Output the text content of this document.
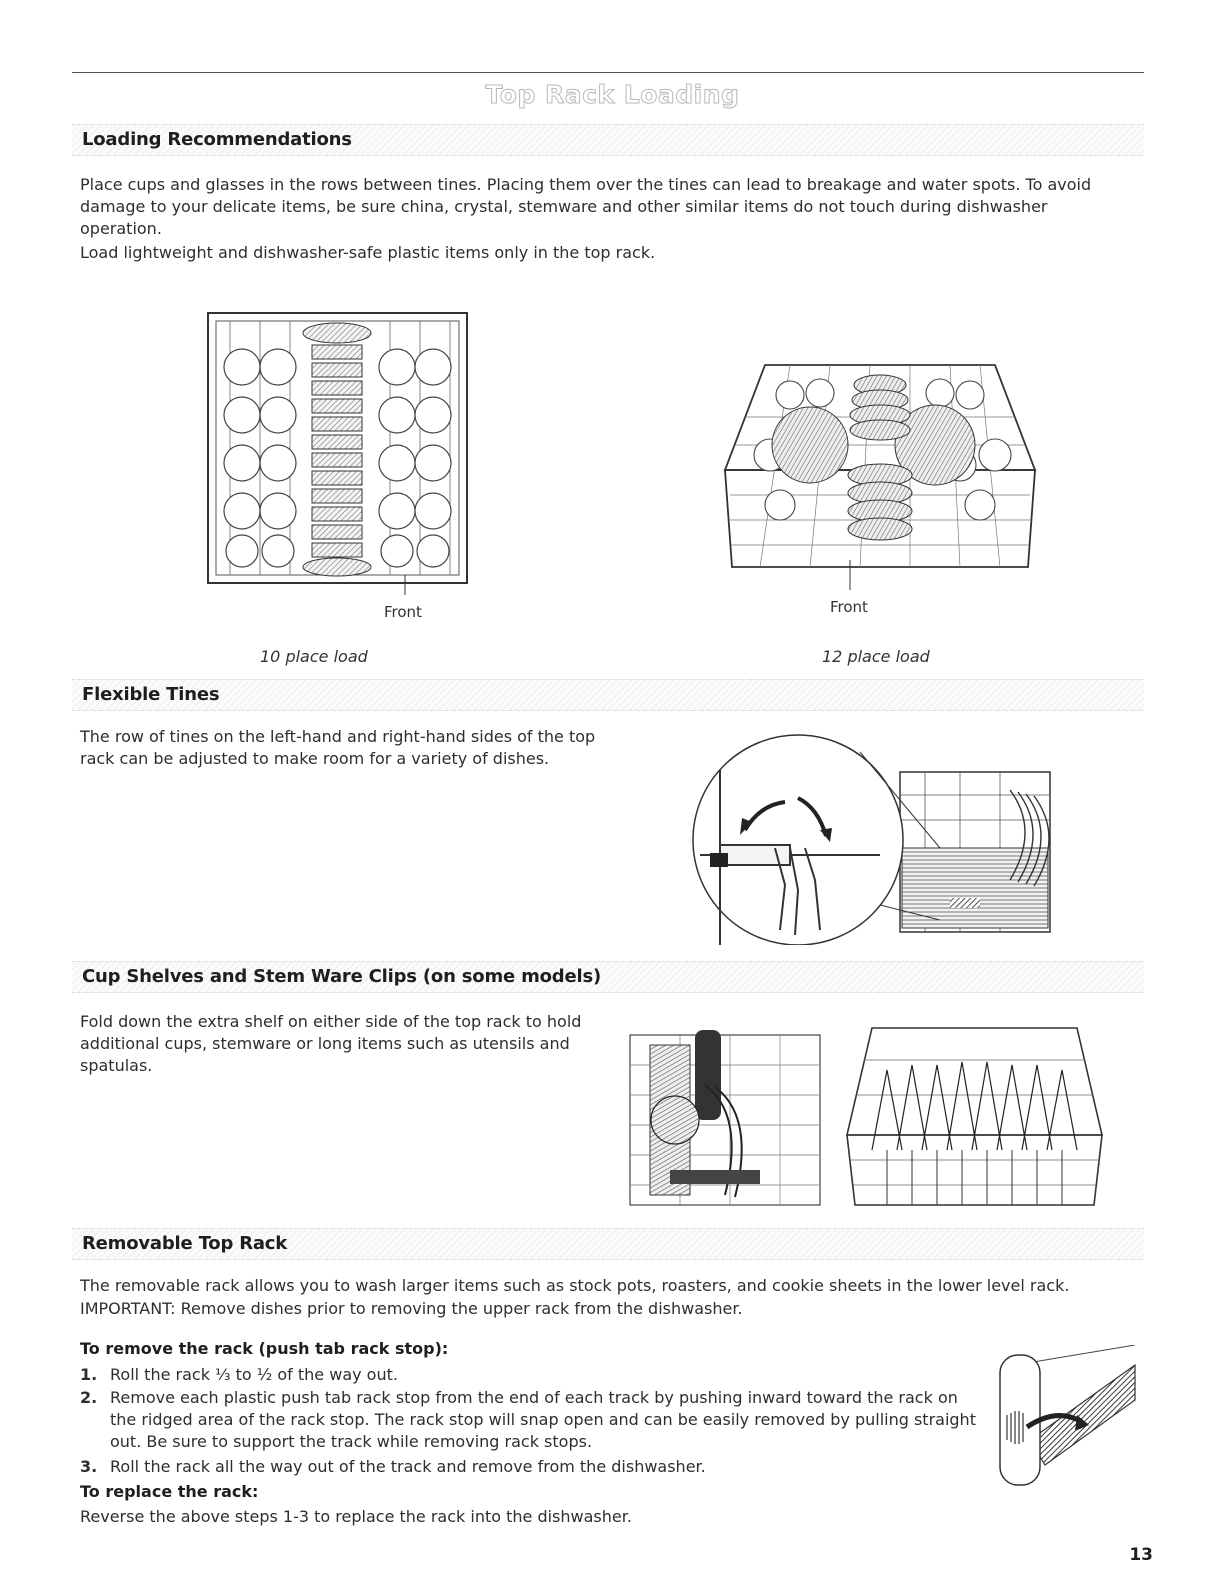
Top Rack Loading
Loading Recommendations

Place cups and glasses in the rows between tines. Placing them over the tines can lead to breakage and water spots. To avoid damage to your delicate items, be sure china, crystal, stemware and other similar items do not touch during dishwasher operation.

Load lightweight and dishwasher-safe plastic items only in the top rack.

Front

10 place load

Front

12 place load

Flexible Tines

The row of tines on the left-hand and right-hand sides of the top rack can be adjusted to make room for a variety of dishes.

Cup Shelves and Stem Ware Clips (on some models)

Fold down the extra shelf on either side of the top rack to hold additional cups, stemware or long items such as utensils and spatulas.

Removable Top Rack

The removable rack allows you to wash larger items such as stock pots, roasters, and cookie sheets in the lower level rack.

IMPORTANT: Remove dishes prior to removing the upper rack from the dishwasher.

To remove the rack (push tab rack stop):

1. Roll the rack ⅓ to ½ of the way out.
2. Remove each plastic push tab rack stop from the end of each track by pushing inward toward the rack on the ridged area of the rack stop. The rack stop will snap open and can be easily removed by pulling straight out. Be sure to support the track while removing rack stops.
3. Roll the rack all the way out of the track and remove from the dishwasher.

To replace the rack:

Reverse the above steps 1-3 to replace the rack into the dishwasher.

13
